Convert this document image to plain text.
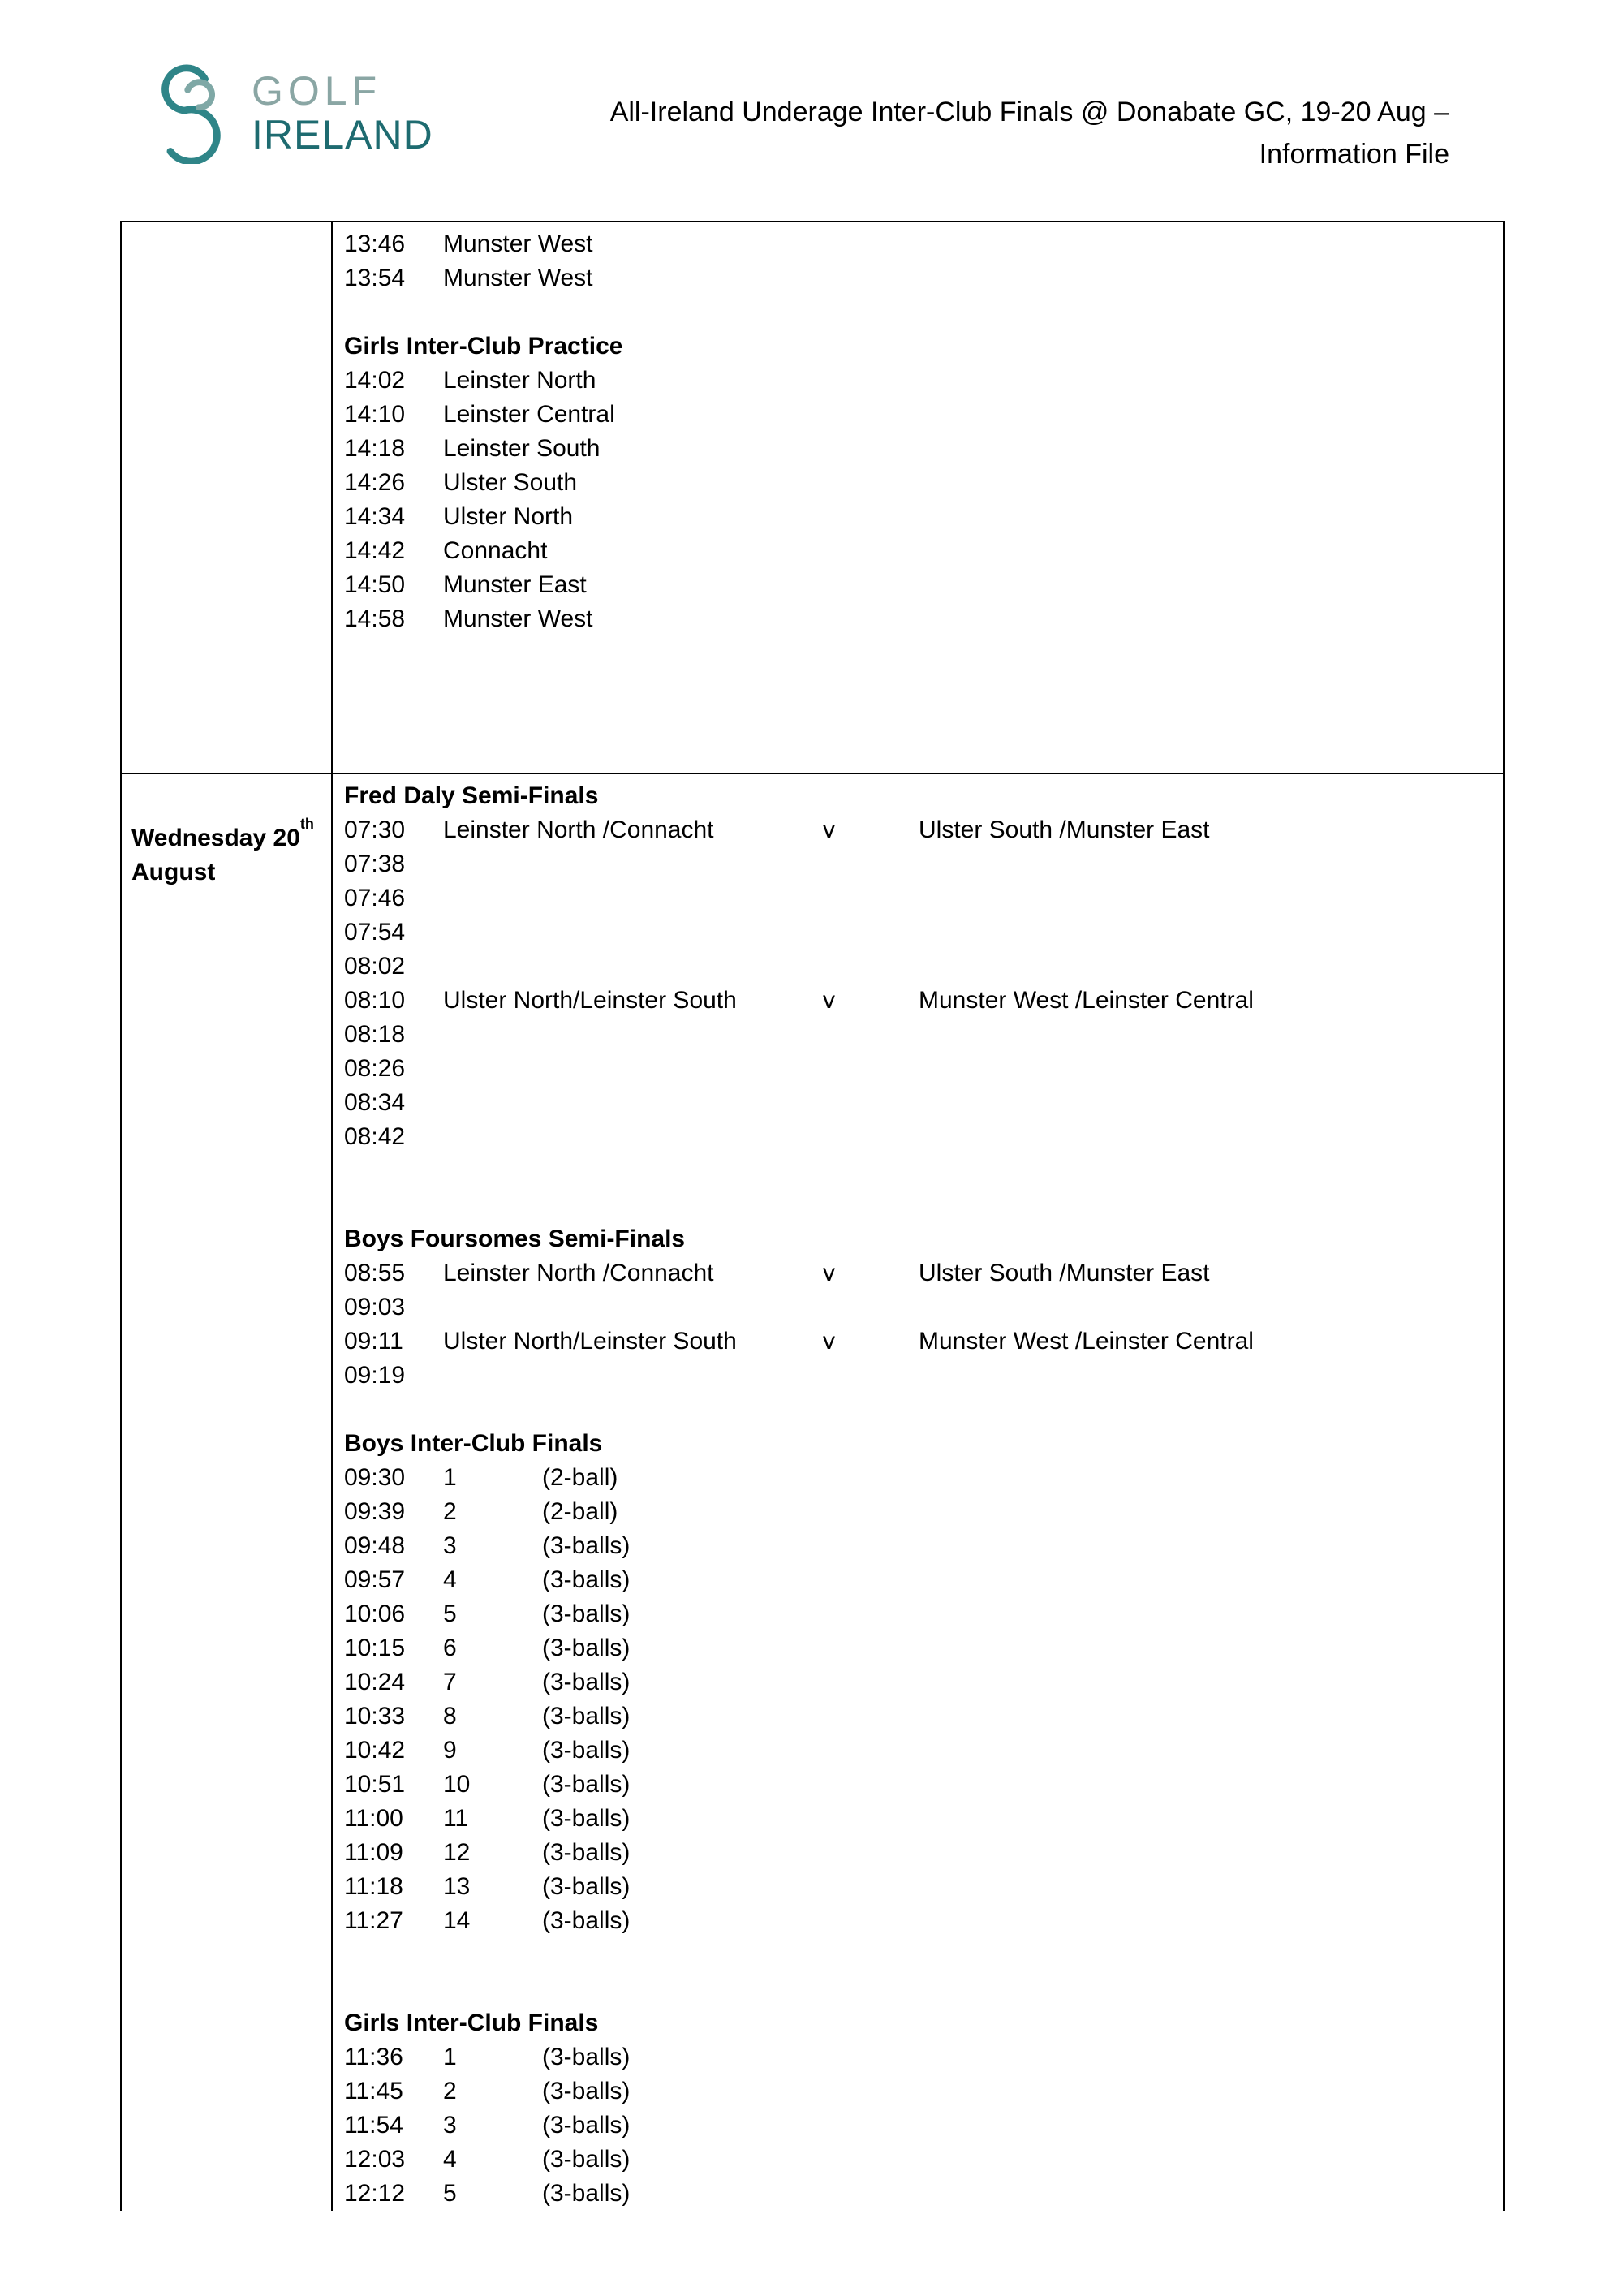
GOLF
IRELAND	All-Ireland Underage Inter-Club Finals @ Donabate GC, 19-20 Aug –
Information File
13:46	Munster West
13:54	Munster West
Girls Inter-Club Practice
14:02	Leinster North
14:10	Leinster Central
14:18	Leinster South
14:26	Ulster South
14:34	Ulster North
14:42	Connacht
14:50	Munster East
14:58	Munster West
Wednesday 20th
August
Fred Daly Semi-Finals
07:30	Leinster North /Connacht	v	Ulster South /Munster East
07:38
07:46
07:54
08:02
08:10	Ulster North/Leinster South	v	Munster West /Leinster Central
08:18
08:26
08:34
08:42
Boys Foursomes Semi-Finals
08:55	Leinster North /Connacht	v	Ulster South /Munster East
09:03
09:11	Ulster North/Leinster South	v	Munster West /Leinster Central
09:19
Boys Inter-Club Finals
09:30	1	(2-ball)
09:39	2	(2-ball)
09:48	3	(3-balls)
09:57	4	(3-balls)
10:06	5	(3-balls)
10:15	6	(3-balls)
10:24	7	(3-balls)
10:33	8	(3-balls)
10:42	9	(3-balls)
10:51	10	(3-balls)
11:00	11	(3-balls)
11:09	12	(3-balls)
11:18	13	(3-balls)
11:27	14	(3-balls)
Girls Inter-Club Finals
11:36	1	(3-balls)
11:45	2	(3-balls)
11:54	3	(3-balls)
12:03	4	(3-balls)
12:12	5	(3-balls)
